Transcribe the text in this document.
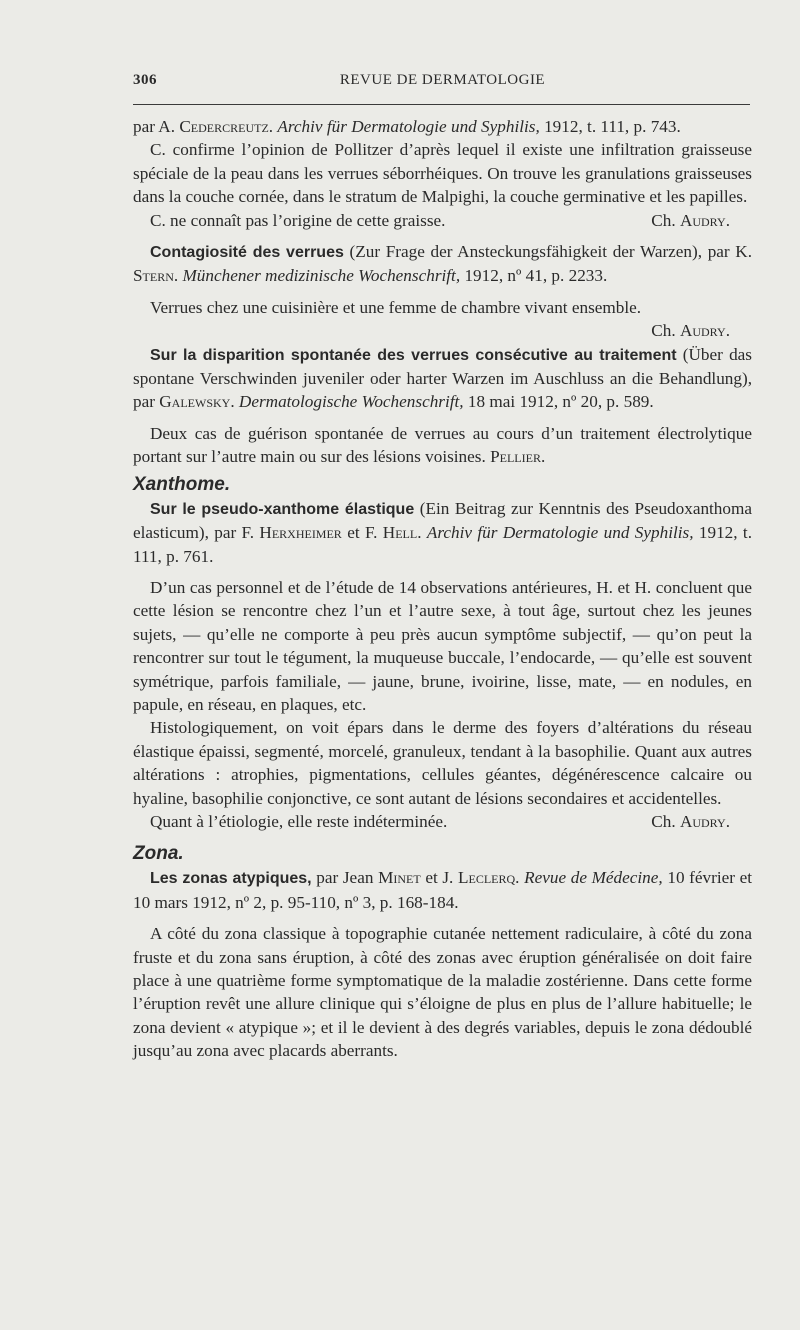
306	REVUE DE DERMATOLOGIE

par A. Cedercreutz. Archiv für Dermatologie und Syphilis, 1912, t. 111, p. 743.

C. confirme l’opinion de Pollitzer d’après lequel il existe une infiltration graisseuse spéciale de la peau dans les verrues séborrhéiques. On trouve les granulations graisseuses dans la couche cornée, dans le stratum de Malpighi, la couche germinative et les papilles.

C. ne connaît pas l’origine de cette graisse.	Ch. Audry.

Contagiosité des verrues (Zur Frage der Ansteckungsfähigkeit der Warzen), par K. Stern. Münchener medizinische Wochenschrift, 1912, nº 41, p. 2233.

Verrues chez une cuisinière et une femme de chambre vivant ensemble.

Ch. Audry.

Sur la disparition spontanée des verrues consécutive au traitement (Über das spontane Verschwinden juveniler oder harter Warzen im Auschluss an die Behandlung), par Galewsky. Dermatologische Wochenschrift, 18 mai 1912, nº 20, p. 589.

Deux cas de guérison spontanée de verrues au cours d’un traitement électrolytique portant sur l’autre main ou sur des lésions voisines. Pellier.

Xanthome.

Sur le pseudo-xanthome élastique (Ein Beitrag zur Kenntnis des Pseudoxanthoma elasticum), par F. Herxheimer et F. Hell. Archiv für Dermatologie und Syphilis, 1912, t. 111, p. 761.

D’un cas personnel et de l’étude de 14 observations antérieures, H. et H. concluent que cette lésion se rencontre chez l’un et l’autre sexe, à tout âge, surtout chez les jeunes sujets, — qu’elle ne comporte à peu près aucun symptôme subjectif, — qu’on peut la rencontrer sur tout le tégument, la muqueuse buccale, l’endocarde, — qu’elle est souvent symétrique, parfois familiale, — jaune, brune, ivoirine, lisse, mate, — en nodules, en papule, en réseau, en plaques, etc.

Histologiquement, on voit épars dans le derme des foyers d’altérations du réseau élastique épaissi, segmenté, morcelé, granuleux, tendant à la basophilie. Quant aux autres altérations : atrophies, pigmentations, cellules géantes, dégénérescence calcaire ou hyaline, basophilie conjonctive, ce sont autant de lésions secondaires et accidentelles.

Quant à l’étiologie, elle reste indéterminée.	Ch. Audry.

Zona.

Les zonas atypiques, par Jean Minet et J. Leclerq. Revue de Médecine, 10 février et 10 mars 1912, nº 2, p. 95-110, nº 3, p. 168-184.

A côté du zona classique à topographie cutanée nettement radiculaire, à côté du zona fruste et du zona sans éruption, à côté des zonas avec éruption généralisée on doit faire place à une quatrième forme symptomatique de la maladie zostérienne. Dans cette forme l’éruption revêt une allure clinique qui s’éloigne de plus en plus de l’allure habituelle; le zona devient « atypique »; et il le devient à des degrés variables, depuis le zona dédoublé jusqu’au zona avec placards aberrants.
